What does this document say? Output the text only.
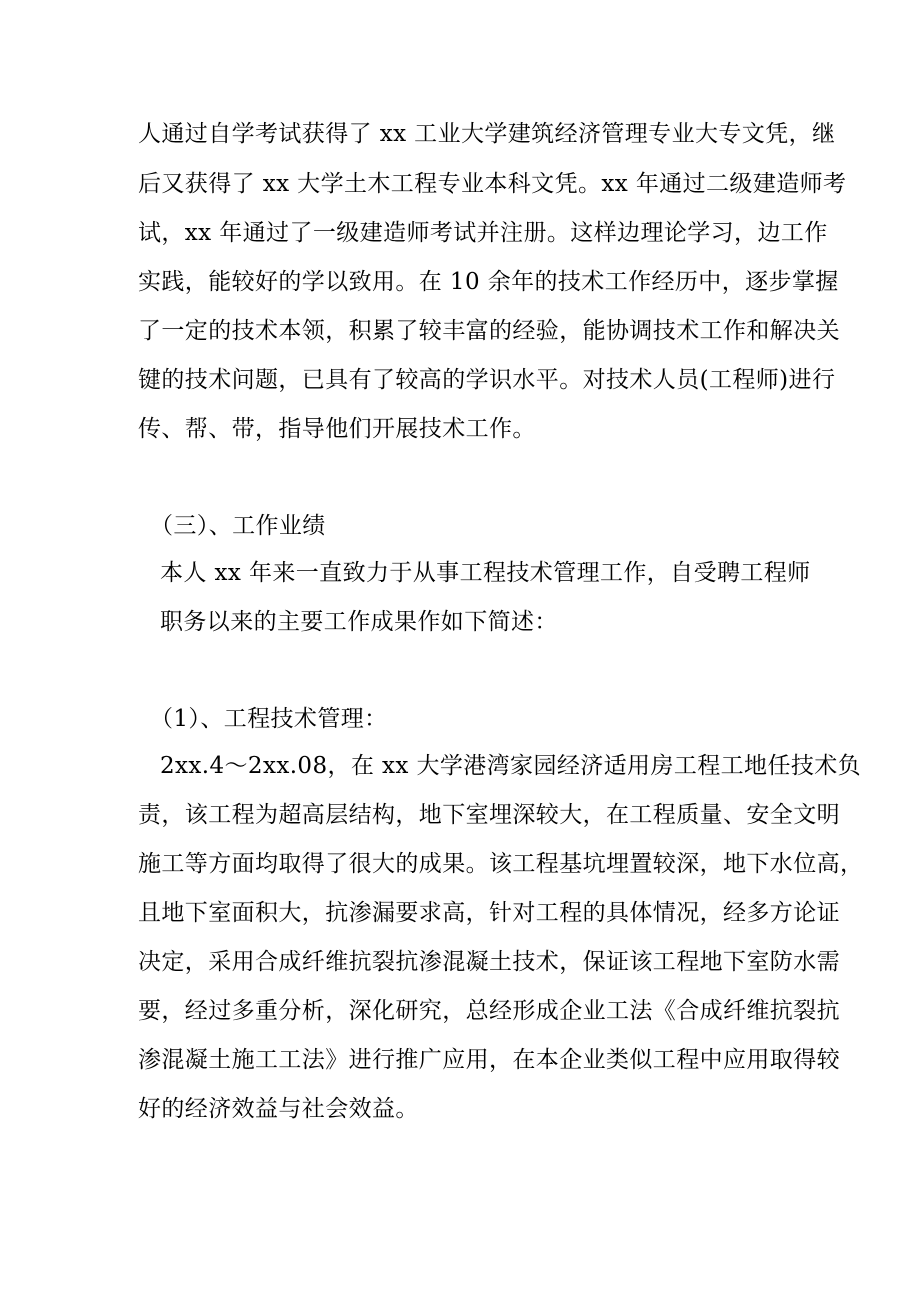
人通过自学考试获得了 xx 工业大学建筑经济管理专业大专文凭，继
后又获得了 xx 大学土木工程专业本科文凭。xx 年通过二级建造师考
试，xx 年通过了一级建造师考试并注册。这样边理论学习，边工作
实践，能较好的学以致用。在 10 余年的技术工作经历中，逐步掌握
了一定的技术本领，积累了较丰富的经验，能协调技术工作和解决关
键的技术问题，已具有了较高的学识水平。对技术人员(工程师)进行
传、帮、带，指导他们开展技术工作。
（三）、工作业绩
本人 xx 年来一直致力于从事工程技术管理工作，自受聘工程师
职务以来的主要工作成果作如下简述：
（1）、工程技术管理：
2xx.4～2xx.08，在 xx 大学港湾家园经济适用房工程工地任技术负
责，该工程为超高层结构，地下室埋深较大，在工程质量、安全文明
施工等方面均取得了很大的成果。该工程基坑埋置较深，地下水位高，
且地下室面积大，抗渗漏要求高，针对工程的具体情况，经多方论证
决定，采用合成纤维抗裂抗渗混凝土技术，保证该工程地下室防水需
要，经过多重分析，深化研究，总经形成企业工法《合成纤维抗裂抗
渗混凝土施工工法》进行推广应用，在本企业类似工程中应用取得较
好的经济效益与社会效益。
